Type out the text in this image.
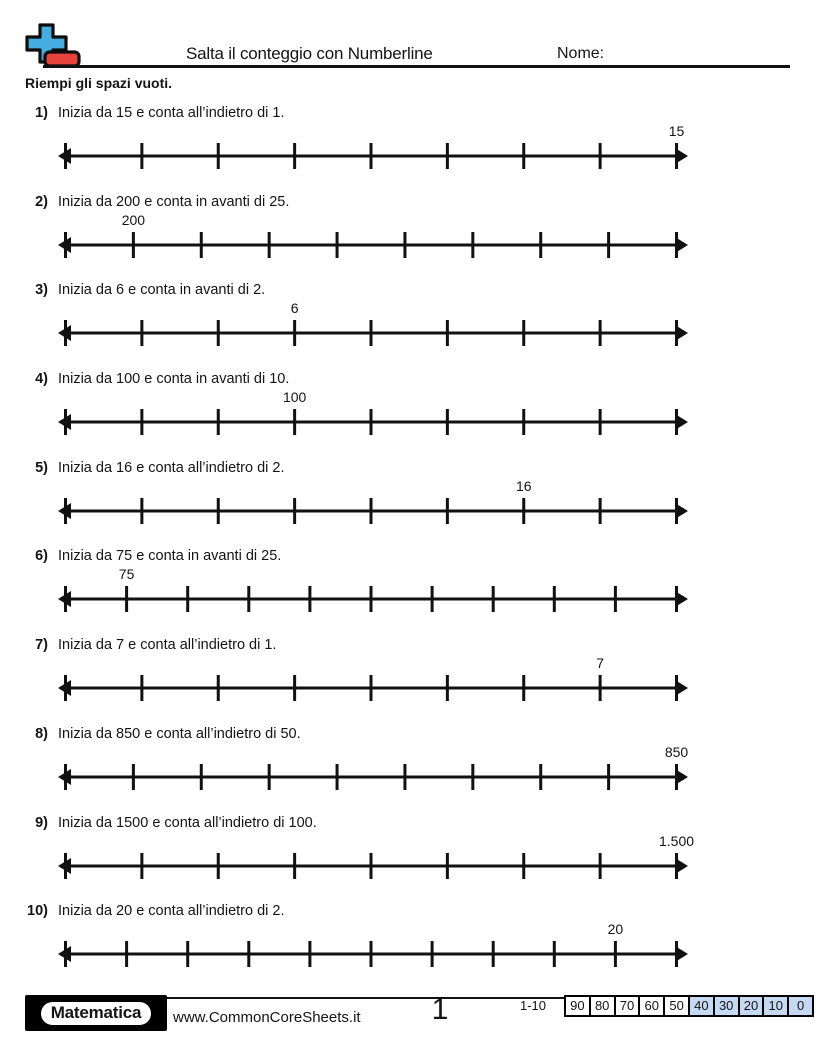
Salta il conteggio con Numberline	Nome:
Riempi gli spazi vuoti.
1) Inizia da 15 e conta all’indietro di 1.
15
2) Inizia da 200 e conta in avanti di 25.
200
3) Inizia da 6 e conta in avanti di 2.
6
4) Inizia da 100 e conta in avanti di 10.
100
5) Inizia da 16 e conta all’indietro di 2.
16
6) Inizia da 75 e conta in avanti di 25.
75
7) Inizia da 7 e conta all’indietro di 1.
7
8) Inizia da 850 e conta all’indietro di 50.
850
9) Inizia da 1500 e conta all’indietro di 100.
1.500
10) Inizia da 20 e conta all’indietro di 2.
20
Matematica	www.CommonCoreSheets.it	1	1-10	90 80 70 60 50 40 30 20 10	0
